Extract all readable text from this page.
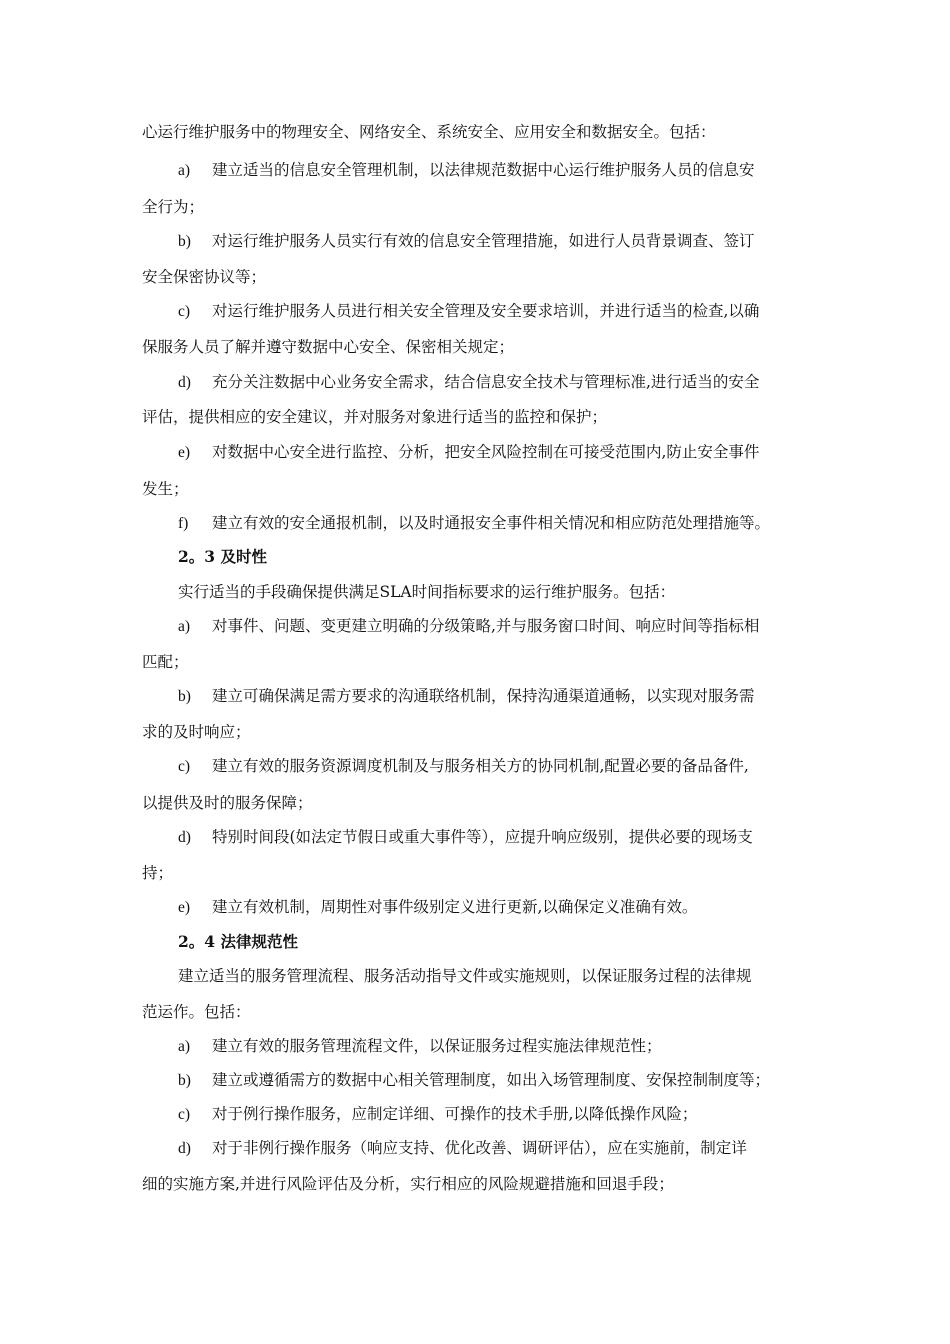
心运行维护服务中的物理安全、网络安全、系统安全、应用安全和数据安全。包括：
a) 建立适当的信息安全管理机制，以法律规范数据中心运行维护服务人员的信息安
全行为；
b) 对运行维护服务人员实行有效的信息安全管理措施，如进行人员背景调查、签订
安全保密协议等；
c) 对运行维护服务人员进行相关安全管理及安全要求培训，并进行适当的检查,以确
保服务人员了解并遵守数据中心安全、保密相关规定；
d) 充分关注数据中心业务安全需求，结合信息安全技术与管理标准,进行适当的安全
评估，提供相应的安全建议，并对服务对象进行适当的监控和保护；
e) 对数据中心安全进行监控、分析，把安全风险控制在可接受范围内,防止安全事件
发生；
f) 建立有效的安全通报机制，以及时通报安全事件相关情况和相应防范处理措施等。
2。3 及时性
实行适当的手段确保提供满足SLA时间指标要求的运行维护服务。包括：
a) 对事件、问题、变更建立明确的分级策略,并与服务窗口时间、响应时间等指标相
匹配；
b) 建立可确保满足需方要求的沟通联络机制，保持沟通渠道通畅，以实现对服务需
求的及时响应；
c) 建立有效的服务资源调度机制及与服务相关方的协同机制,配置必要的备品备件,
以提供及时的服务保障；
d) 特别时间段(如法定节假日或重大事件等），应提升响应级别，提供必要的现场支
持；
e) 建立有效机制，周期性对事件级别定义进行更新,以确保定义准确有效。
2。4 法律规范性
建立适当的服务管理流程、服务活动指导文件或实施规则，以保证服务过程的法律规
范运作。包括：
a) 建立有效的服务管理流程文件，以保证服务过程实施法律规范性；
b) 建立或遵循需方的数据中心相关管理制度，如出入场管理制度、安保控制制度等；
c) 对于例行操作服务，应制定详细、可操作的技术手册,以降低操作风险；
d) 对于非例行操作服务（响应支持、优化改善、调研评估），应在实施前，制定详
细的实施方案,并进行风险评估及分析，实行相应的风险规避措施和回退手段；
